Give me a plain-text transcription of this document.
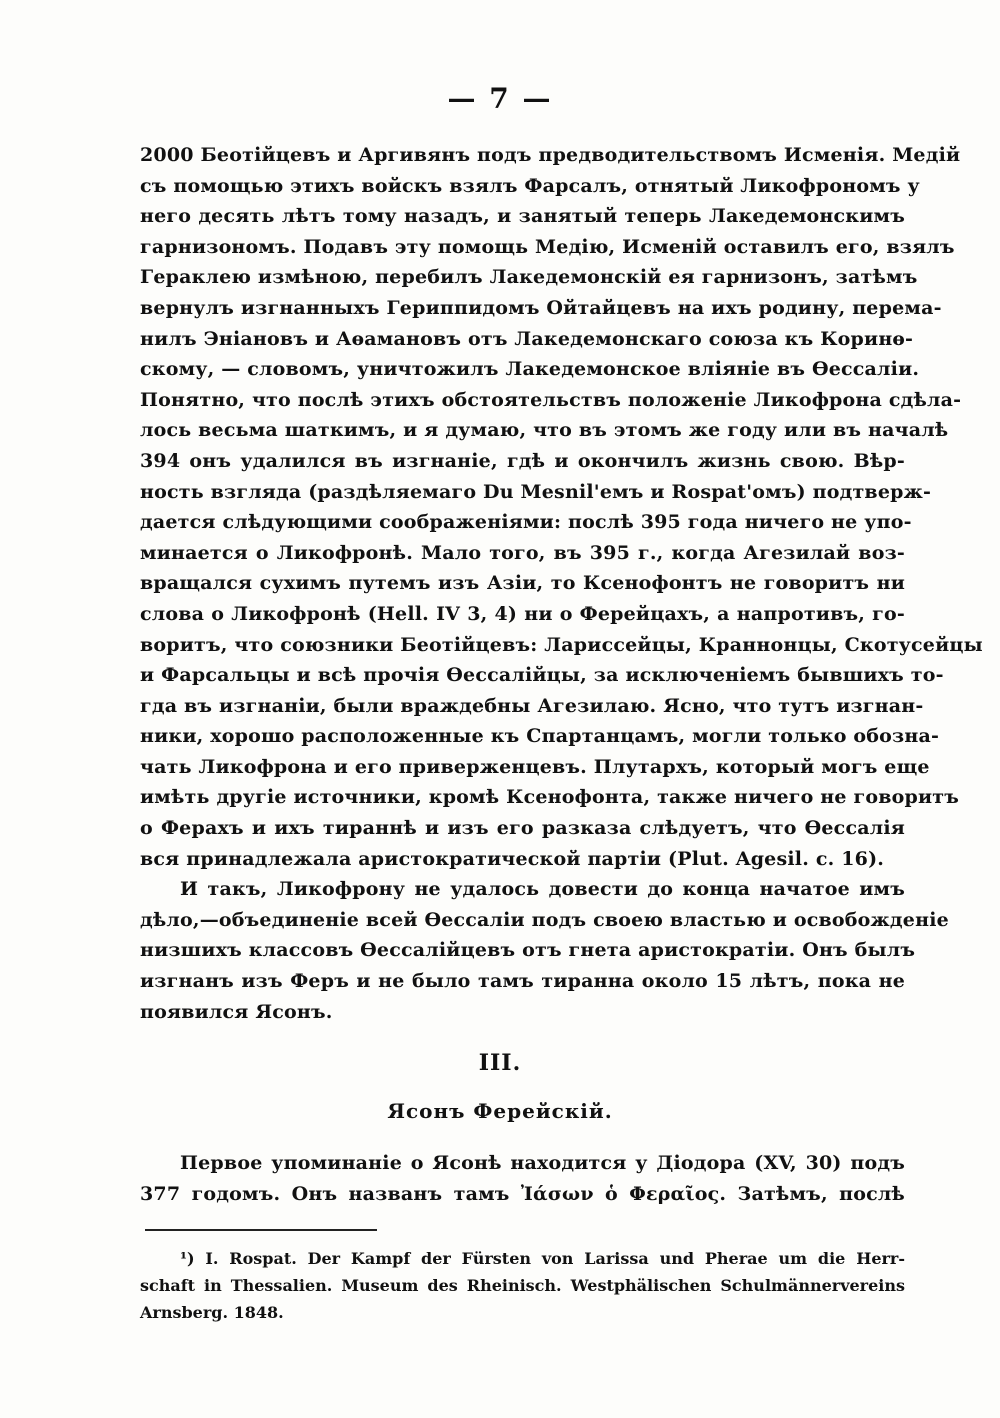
— 7 —
2000 Беотійцевъ и Аргивянъ подъ предводительствомъ Исменія. Медій
съ помощью этихъ войскъ взялъ Фарсалъ, отнятый Ликофрономъ у
него десять лѣтъ тому назадъ, и занятый теперь Лакедемонскимъ
гарнизономъ. Подавъ эту помощь Медію, Исменій оставилъ его, взялъ
Гераклею измѣною, перебилъ Лакедемонскій ея гарнизонъ, затѣмъ
вернулъ изгнанныхъ Гериппидомъ Ойтайцевъ на ихъ родину, перема-
нилъ Эніановъ и Аѳамановъ отъ Лакедемонскаго союза къ Коринѳ-
скому, — словомъ, уничтожилъ Лакедемонское вліяніе въ Ѳессаліи.
Понятно, что послѣ этихъ обстоятельствъ положеніе Ликофрона сдѣла-
лось весьма шаткимъ, и я думаю, что въ этомъ же году или въ началѣ
394 онъ удалился въ изгнаніе, гдѣ и окончилъ жизнь свою. Вѣр-
ность взгляда (раздѣляемаго Du Mesnil'емъ и Rospat'омъ) подтверж-
дается слѣдующими соображеніями: послѣ 395 года ничего не упо-
минается о Ликофронѣ. Мало того, въ 395 г., когда Агезилай воз-
вращался сухимъ путемъ изъ Азіи, то Ксенофонтъ не говоритъ ни
слова о Ликофронѣ (Hell. IV 3, 4) ни о Ферейцахъ, а напротивъ, го-
воритъ, что союзники Беотійцевъ: Лариссейцы, Краннонцы, Скотусейцы
и Фарсальцы и всѣ прочія Ѳессалійцы, за исключеніемъ бывшихъ то-
гда въ изгнаніи, были враждебны Агезилаю. Ясно, что тутъ изгнан-
ники, хорошо расположенные къ Спартанцамъ, могли только обозна-
чать Ликофрона и его приверженцевъ. Плутархъ, который могъ еще
имѣть другіе источники, кромѣ Ксенофонта, также ничего не говоритъ
о Ферахъ и ихъ тираннѣ и изъ его разказа слѣдуетъ, что Ѳессалія
вся принадлежала аристократической партіи (Plut. Agesil. c. 16).
И такъ, Ликофрону не удалось довести до конца начатое имъ
дѣло,—объединеніе всей Ѳессаліи подъ своею властью и освобожденіе
низшихъ классовъ Ѳессалійцевъ отъ гнета аристократіи. Онъ былъ
изгнанъ изъ Феръ и не было тамъ тиранна около 15 лѣтъ, пока не
появился Ясонъ.
III.
Ясонъ Ферейскій.
Первое упоминаніе о Ясонѣ находится у Діодора (XV, 30) подъ
377 годомъ. Онъ названъ тамъ Ἰάσων ὁ Φεραῖος. Затѣмъ, послѣ
¹) I. Rospat. Der Kampf der Fürsten von Larissa und Pherae um die Herr-
schaft in Thessalien. Museum des Rheinisch. Westphälischen Schulmännervereins
Arnsberg. 1848.
